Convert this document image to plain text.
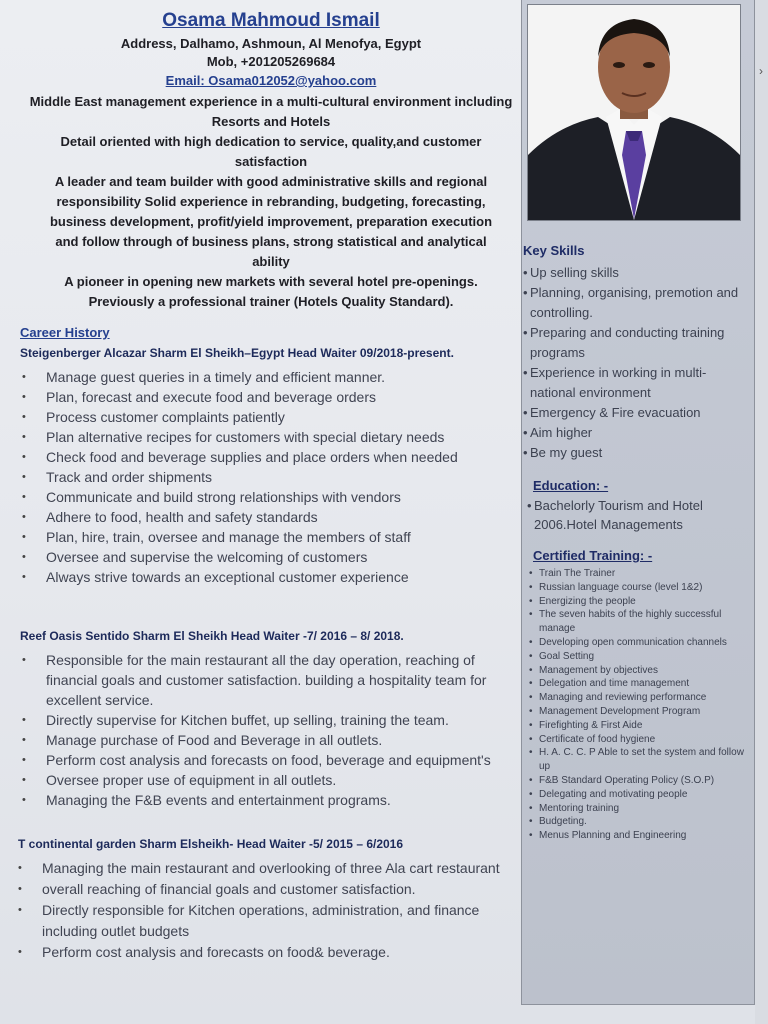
›
Osama Mahmoud Ismail
Address, Dalhamo, Ashmoun, Al Menofya, Egypt
Mob, +201205269684
Email: Osama012052@yahoo.com
Middle East management experience in a multi-cultural environment including Resorts and Hotels
Detail oriented with high dedication to service, quality,and customer satisfaction
A leader and team builder with good administrative skills and regional responsibility Solid experience in rebranding, budgeting, forecasting, business development, profit/yield improvement, preparation execution and follow through of business plans, strong statistical and analytical ability
A pioneer in opening new markets with several hotel pre-openings.
Previously a professional trainer (Hotels Quality Standard).
Career History
Steigenberger Alcazar Sharm El Sheikh–Egypt Head Waiter 09/2018-present.
• Manage guest queries in a timely and efficient manner.
• Plan, forecast and execute food and beverage orders
• Process customer complaints patiently
• Plan alternative recipes for customers with special dietary needs
• Check food and beverage supplies and place orders when needed
• Track and order shipments
• Communicate and build strong relationships with vendors
• Adhere to food, health and safety standards
• Plan, hire, train, oversee and manage the members of staff
• Oversee and supervise the welcoming of customers
• Always strive towards an exceptional customer experience
Reef Oasis Sentido Sharm El Sheikh Head Waiter -7/ 2016 – 8/ 2018.
• Responsible for the main restaurant all the day operation, reaching of financial goals and customer satisfaction. building a hospitality team for excellent service.
• Directly supervise for Kitchen buffet, up selling, training the team.
• Manage purchase of Food and Beverage in all outlets.
• Perform cost analysis and forecasts on food, beverage and equipment's
• Oversee proper use of equipment in all outlets.
• Managing the F&B events and entertainment programs.
T continental garden Sharm Elsheikh- Head Waiter -5/ 2015 – 6/2016
• Managing the main restaurant and overlooking of three Ala cart restaurant
• overall reaching of financial goals and customer satisfaction.
• Directly responsible for Kitchen operations, administration, and finance including outlet budgets
• Perform cost analysis and forecasts on food& beverage.
Key Skills
• Up selling skills
• Planning, organising, premotion and controlling.
• Preparing and conducting training programs
• Experience in working in multi-national environment
• Emergency & Fire evacuation
• Aim higher
• Be my guest
Education: -
• Bachelorly Tourism and Hotel 2006.Hotel Managements
Certified Training: -
• Train The Trainer
• Russian language course (level 1&2)
• Energizing the people
• The seven habits of the highly successful manage
• Developing open communication channels
• Goal Setting
• Management by objectives
• Delegation and time management
• Managing and reviewing performance
• Management Development Program
• Firefighting & First Aide
• Certificate of food hygiene
• H. A. C. C. P Able to set the system and follow up
• F&B Standard Operating Policy (S.O.P)
• Delegating and motivating people
• Mentoring training
• Budgeting.
• Menus Planning and Engineering
